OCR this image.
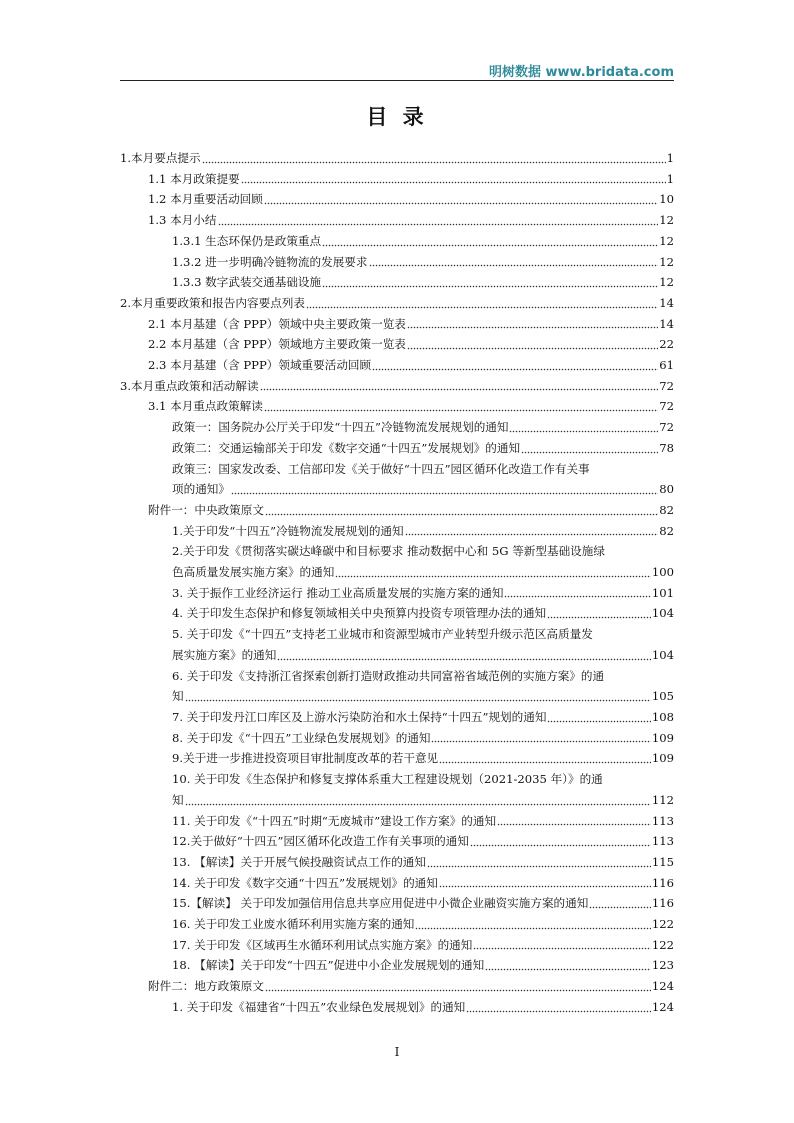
明树数据 www.bridata.com
目 录
1.本月要点提示	1
1.1 本月政策提要	1
1.2 本月重要活动回顾	10
1.3 本月小结	12
1.3.1 生态环保仍是政策重点	12
1.3.2 进一步明确冷链物流的发展要求	12
1.3.3 数字武装交通基础设施	12
2.本月重要政策和报告内容要点列表	14
2.1 本月基建（含 PPP）领域中央主要政策一览表	14
2.2 本月基建（含 PPP）领域地方主要政策一览表	22
2.3 本月基建（含 PPP）领域重要活动回顾	61
3.本月重点政策和活动解读	72
3.1 本月重点政策解读	72
政策一：国务院办公厅关于印发“十四五”冷链物流发展规划的通知	72
政策二：交通运输部关于印发《数字交通“十四五”发展规划》的通知	78
政策三：国家发改委、工信部印发《关于做好“十四五”园区循环化改造工作有关事
项的通知》	80
附件一：中央政策原文	82
1.关于印发“十四五”冷链物流发展规划的通知	82
2.关于印发《贯彻落实碳达峰碳中和目标要求 推动数据中心和 5G 等新型基础设施绿
色高质量发展实施方案》的通知	100
3. 关于振作工业经济运行 推动工业高质量发展的实施方案的通知	101
4. 关于印发生态保护和修复领域相关中央预算内投资专项管理办法的通知	104
5. 关于印发《“十四五”支持老工业城市和资源型城市产业转型升级示范区高质量发
展实施方案》的通知	104
6. 关于印发《支持浙江省探索创新打造财政推动共同富裕省域范例的实施方案》的通
知	105
7. 关于印发丹江口库区及上游水污染防治和水土保持“十四五”规划的通知	108
8. 关于印发《“十四五”工业绿色发展规划》的通知	109
9.关于进一步推进投资项目审批制度改革的若干意见	109
10. 关于印发《生态保护和修复支撑体系重大工程建设规划（2021-2035 年）》的通
知	112
11. 关于印发《“十四五”时期“无废城市”建设工作方案》的通知	113
12.关于做好“十四五”园区循环化改造工作有关事项的通知	113
13. 【解读】关于开展气候投融资试点工作的通知	115
14. 关于印发《数字交通“十四五”发展规划》的通知	116
15.【解读】 关于印发加强信用信息共享应用促进中小微企业融资实施方案的通知	116
16. 关于印发工业废水循环利用实施方案的通知	122
17. 关于印发《区域再生水循环利用试点实施方案》的通知	122
18. 【解读】关于印发“十四五”促进中小企业发展规划的通知	123
附件二：地方政策原文	124
1. 关于印发《福建省“十四五”农业绿色发展规划》的通知	124
I
